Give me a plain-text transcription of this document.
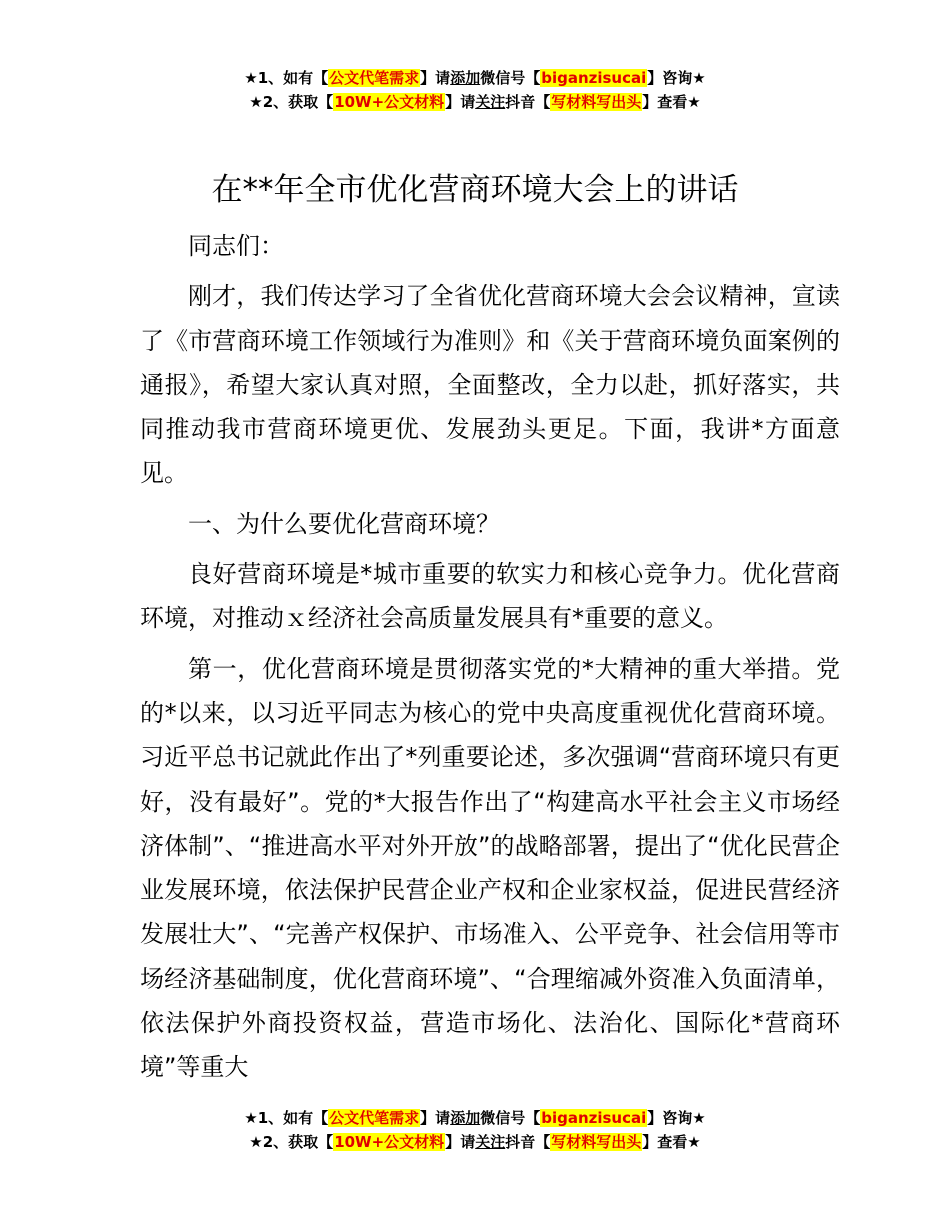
★1、如有【公文代笔需求】请添加微信号【biganzisucai】咨询★
★2、获取【10W+公文材料】请关注抖音【写材料写出头】查看★
在**年全市优化营商环境大会上的讲话

同志们：

刚才，我们传达学习了全省优化营商环境大会会议精神，宣读了《市营商环境工作领域行为准则》和《关于营商环境负面案例的通报》，希望大家认真对照，全面整改，全力以赴，抓好落实，共同推动我市营商环境更优、发展劲头更足。下面，我讲*方面意见。

一、为什么要优化营商环境？

良好营商环境是*城市重要的软实力和核心竞争力。优化营商环境，对推动ｘ经济社会高质量发展具有*重要的意义。

第一，优化营商环境是贯彻落实党的*大精神的重大举措。党的*以来，以习近平同志为核心的党中央高度重视优化营商环境。习近平总书记就此作出了*列重要论述，多次强调“营商环境只有更好，没有最好”。党的*大报告作出了“构建高水平社会主义市场经济体制”、“推进高水平对外开放”的战略部署，提出了“优化民营企业发展环境，依法保护民营企业产权和企业家权益，促进民营经济发展壮大”、“完善产权保护、市场准入、公平竞争、社会信用等市场经济基础制度，优化营商环境”、“合理缩减外资准入负面清单，依法保护外商投资权益，营造市场化、法治化、国际化*营商环境”等重大

★1、如有【公文代笔需求】请添加微信号【biganzisucai】咨询★
★2、获取【10W+公文材料】请关注抖音【写材料写出头】查看★
